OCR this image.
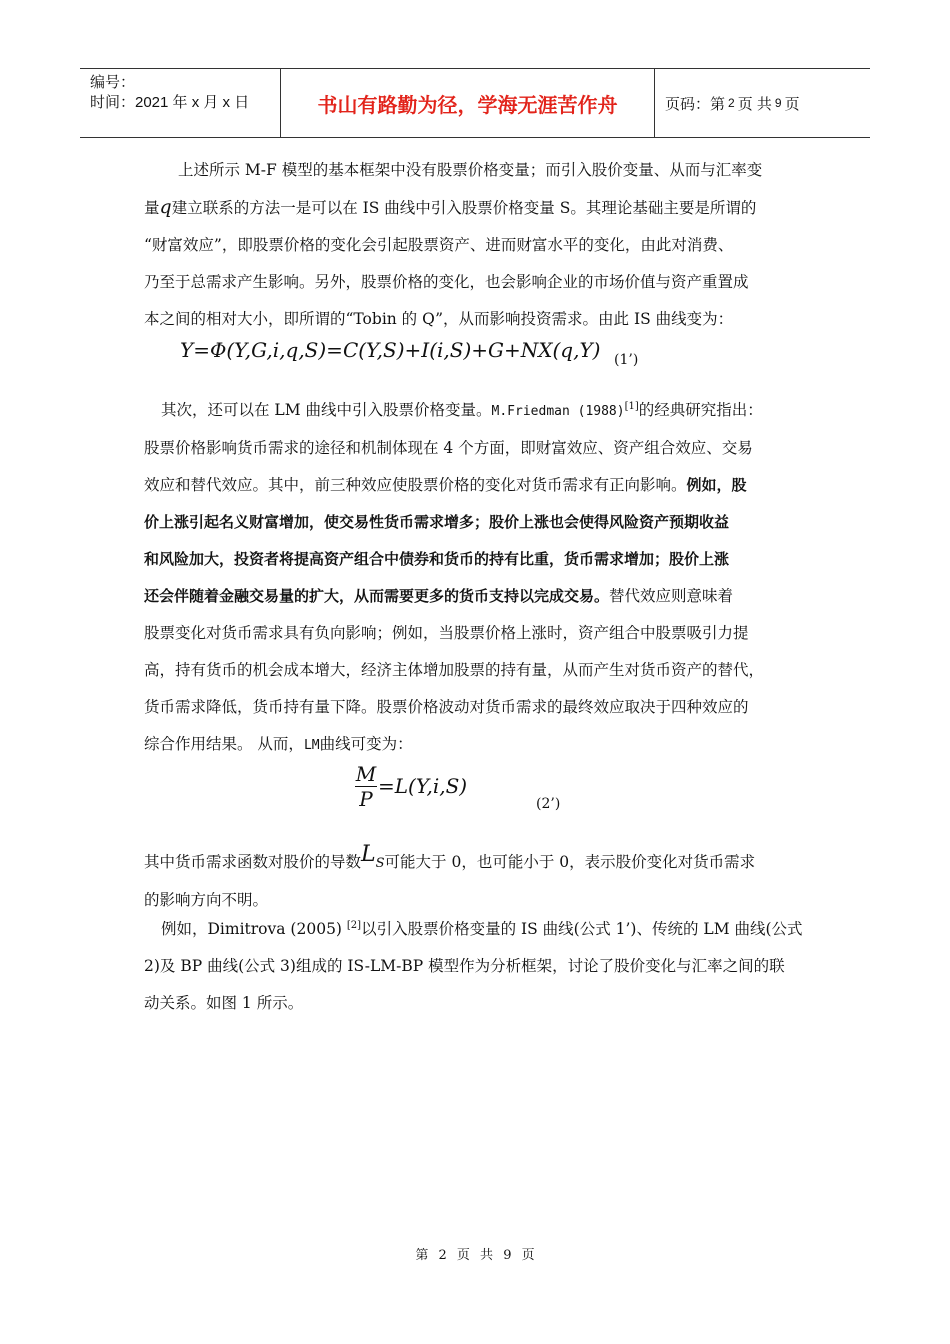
编号：
时间：2021 年 x 月 x 日	书山有路勤为径，学海无涯苦作舟	页码：第 2 页 共 9 页

上述所示 M-F 模型的基本框架中没有股票价格变量；而引入股价变量、从而与汇率变

量q建立联系的方法一是可以在 IS 曲线中引入股票价格变量 S。其理论基础主要是所谓的

“财富效应”，即股票价格的变化会引起股票资产、进而财富水平的变化，由此对消费、

乃至于总需求产生影响。另外，股票价格的变化，也会影响企业的市场价值与资产重置成

本之间的相对大小，即所谓的“Tobin 的 Q”，从而影响投资需求。由此 IS 曲线变为：

Y=Φ(Y,G,i,q,S)=C(Y,S)+I(i,S)+G+NX(q,Y) (1’)

其次，还可以在 LM 曲线中引入股票价格变量。M.Friedman (1988)[1]的经典研究指出：

股票价格影响货币需求的途径和机制体现在 4 个方面，即财富效应、资产组合效应、交易

效应和替代效应。其中，前三种效应使股票价格的变化对货币需求有正向影响。例如，股

价上涨引起名义财富增加，使交易性货币需求增多；股价上涨也会使得风险资产预期收益

和风险加大，投资者将提高资产组合中债券和货币的持有比重，货币需求增加；股价上涨

还会伴随着金融交易量的扩大，从而需要更多的货币支持以完成交易。替代效应则意味着

股票变化对货币需求具有负向影响；例如，当股票价格上涨时，资产组合中股票吸引力提

高，持有货币的机会成本增大，经济主体增加股票的持有量，从而产生对货币资产的替代，

货币需求降低，货币持有量下降。股票价格波动对货币需求的最终效应取决于四种效应的

综合作用结果。 从而，LM曲线可变为：

M
P
=L(Y,i,S)
(2’)

其中货币需求函数对股价的导数LS可能大于 0，也可能小于 0，表示股价变化对货币需求

的影响方向不明。

例如，Dimitrova (2005) [2]以引入股票价格变量的 IS 曲线(公式 1’)、传统的 LM 曲线(公式

2)及 BP 曲线(公式 3)组成的 IS-LM-BP 模型作为分析框架，讨论了股价变化与汇率之间的联

动关系。如图 1 所示。

第 2 页 共 9 页
